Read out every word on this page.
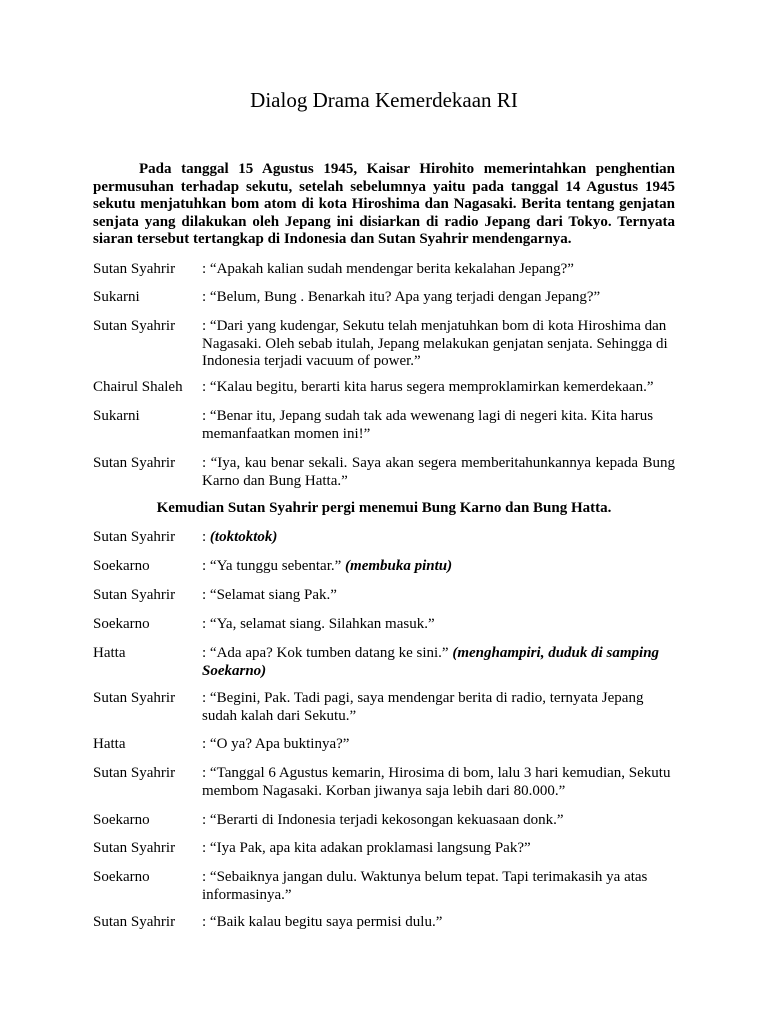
Dialog Drama Kemerdekaan RI
Pada tanggal 15 Agustus 1945, Kaisar Hirohito memerintahkan penghentian permusuhan terhadap sekutu, setelah sebelumnya yaitu pada tanggal 14 Agustus 1945 sekutu menjatuhkan bom atom di kota Hiroshima dan Nagasaki. Berita tentang genjatan senjata yang dilakukan oleh Jepang ini disiarkan di radio Jepang dari Tokyo. Ternyata siaran tersebut tertangkap di Indonesia dan Sutan Syahrir mendengarnya.
Sutan Syahrir	: “Apakah kalian sudah mendengar berita kekalahan Jepang?”
Sukarni	: “Belum, Bung . Benarkah itu? Apa yang terjadi dengan Jepang?”
Sutan Syahrir	: “Dari yang kudengar, Sekutu telah menjatuhkan bom di kota Hiroshima dan Nagasaki. Oleh sebab itulah, Jepang melakukan genjatan senjata. Sehingga di Indonesia terjadi vacuum of power.”
Chairul Shaleh	: “Kalau begitu, berarti kita harus segera memproklamirkan kemerdekaan.”
Sukarni	: “Benar itu, Jepang sudah tak ada wewenang lagi di negeri kita. Kita harus memanfaatkan momen ini!”
Sutan Syahrir	: “Iya, kau benar sekali. Saya akan segera memberitahunkannya kepada Bung Karno dan Bung Hatta.”
Kemudian Sutan Syahrir pergi menemui Bung Karno dan Bung Hatta.
Sutan Syahrir	: (toktoktok)
Soekarno	: “Ya tunggu sebentar.” (membuka pintu)
Sutan Syahrir	: “Selamat siang Pak.”
Soekarno	: “Ya, selamat siang. Silahkan masuk.”
Hatta	: “Ada apa? Kok tumben datang ke sini.” (menghampiri, duduk di samping Soekarno)
Sutan Syahrir	: “Begini, Pak. Tadi pagi, saya mendengar berita di radio, ternyata Jepang sudah kalah dari Sekutu.”
Hatta	: “O ya? Apa buktinya?”
Sutan Syahrir	: “Tanggal 6 Agustus kemarin, Hirosima di bom, lalu 3 hari kemudian, Sekutu membom Nagasaki. Korban jiwanya saja lebih dari 80.000.”
Soekarno	: “Berarti di Indonesia terjadi kekosongan kekuasaan donk.”
Sutan Syahrir	: “Iya Pak, apa kita adakan proklamasi langsung Pak?”
Soekarno	: “Sebaiknya jangan dulu. Waktunya belum tepat. Tapi terimakasih ya atas informasinya.”
Sutan Syahrir	: “Baik kalau begitu saya permisi dulu.”
